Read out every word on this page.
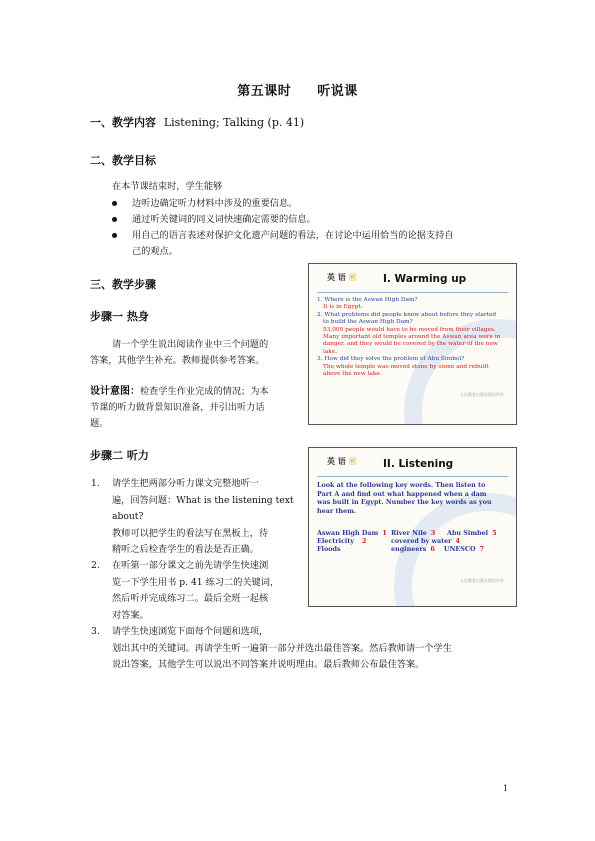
第五课时 听说课
一、教学内容 Listening; Talking (p. 41)
二、教学目标
在本节课结束时，学生能够
边听边确定听力材料中涉及的重要信息。
通过听关键词的同义词快速确定需要的信息。
用自己的语言表述对保护文化遗产问题的看法，在讨论中运用恰当的论据支持自
己的观点。
三、教学步骤
步骤一 热身
请一个学生说出阅读作业中三个问题的
答案，其他学生补充。教师提供参考答案。
设计意图：检查学生作业完成的情况；为本
节课的听力做背景知识准备，并引出听力话
题。
步骤二 听力
1. 请学生把两部分听力课文完整地听一
遍，回答问题：What is the listening text
about?
教师可以把学生的看法写在黑板上，待
精听之后检查学生的看法是否正确。
2. 在听第一部分课文之前先请学生快速浏
览一下学生用书 p. 41 练习二的关键词，
然后听并完成练习二。最后全班一起核
对答案。
3. 请学生快速浏览下面每个问题和选项，
划出其中的关键词。再请学生听一遍第一部分并选出最佳答案。然后教师请一个学生
说出答案，其他学生可以说出不同答案并说明理由。最后教师公布最佳答案。
英 语 ㊗ I. Warming up
1. Where is the Aswan High Dam?
It is in Egypt.
2. What problems did people know about before they started
to build the Aswan High Dam?
53,000 people would have to be moved from their villages.
Many important old temples around the Aswan area were in
danger, and they would be covered by the water of the new
lake.
3. How did they solve the problem of Abu Simbel?
The whole temple was moved stone by stone and rebuilt
above the new lake.
人民教育出版社版权所有
英 语 ㊗ II. Listening
Look at the following key words. Then listen to
Part A and find out what happened when a dam
was built in Egypt. Number the key words as you
hear them.
Aswan High Dam 1 River Nile 3 Abu Simbel 5
Electricity 2	covered by water 4
Floods	engineers 6 UNESCO 7
人民教育出版社版权所有
1
